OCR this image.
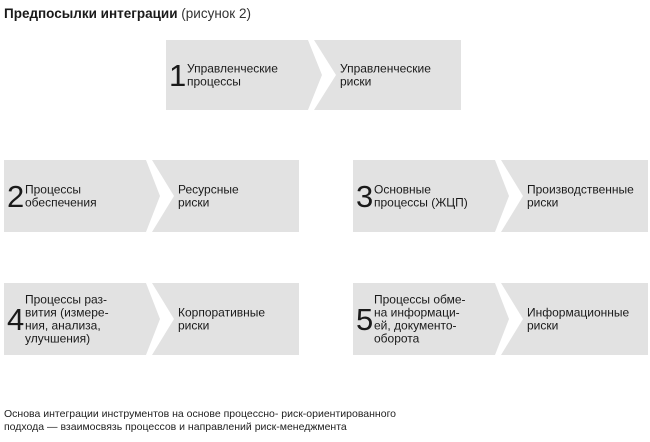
Предпосылки интеграции (рисунок 2)
1 Управленческие
процессы
Управленческие
риски
2 Процессы
обеспечения
Ресурсные
риски	3 Основные
процессы (ЖЦП)
Производственные
риски
4
Процессы раз-
вития (измере-
ния, анализа,
улучшения)
Корпоративные
риски	5
Процессы обме-
на информаци-
ей, документо-
оборота
Информационные
риски
Основа интеграции инструментов на основе процессно- риск-ориентированного
подхода — взаимосвязь процессов и направлений риск-менеджмента
